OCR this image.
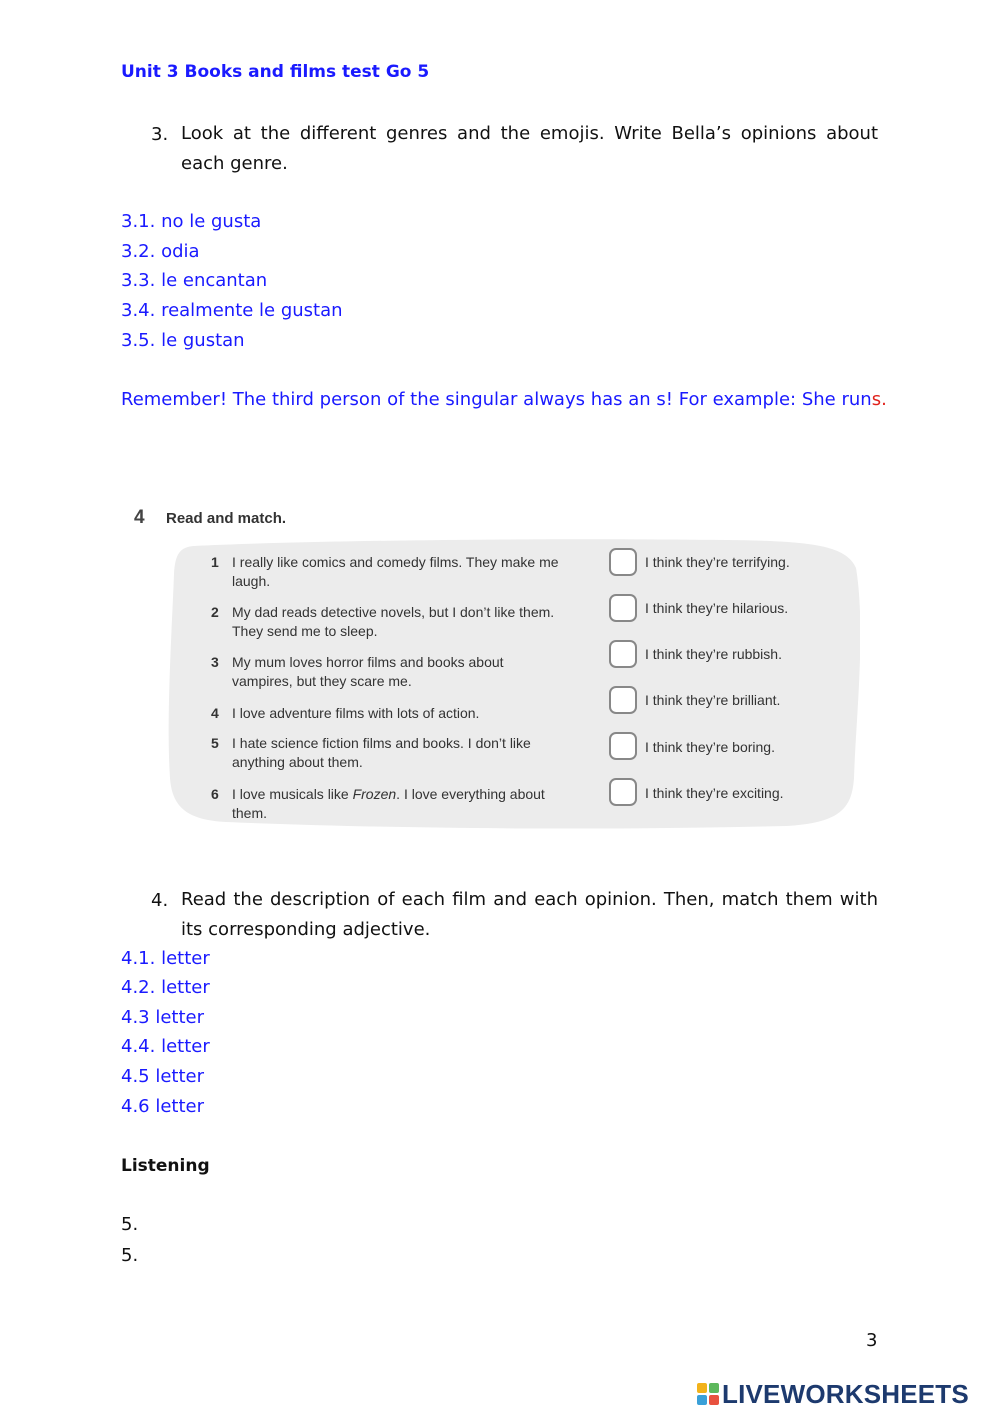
Unit 3 Books and films test Go 5
3. Look at the different genres and the emojis. Write Bella’s opinions about each genre.
3.1. no le gusta
3.2. odia
3.3. le encantan
3.4. realmente le gustan
3.5. le gustan
Remember! The third person of the singular always has an s! For example: She runs.
4 Read and match.
1 I really like comics and comedy films. They make me laugh.
2 My dad reads detective novels, but I don’t like them. They send me to sleep.
3 My mum loves horror films and books about vampires, but they scare me.
4 I love adventure films with lots of action.
5 I hate science fiction films and books. I don’t like anything about them.
6 I love musicals like Frozen. I love everything about them.
I think they’re terrifying.
I think they’re hilarious.
I think they’re rubbish.
I think they’re brilliant.
I think they’re boring.
I think they’re exciting.
4. Read the description of each film and each opinion. Then, match them with its corresponding adjective.
4.1. letter
4.2. letter
4.3 letter
4.4. letter
4.5 letter
4.6 letter
Listening
5.
5.
3
LIVEWORKSHEETS
